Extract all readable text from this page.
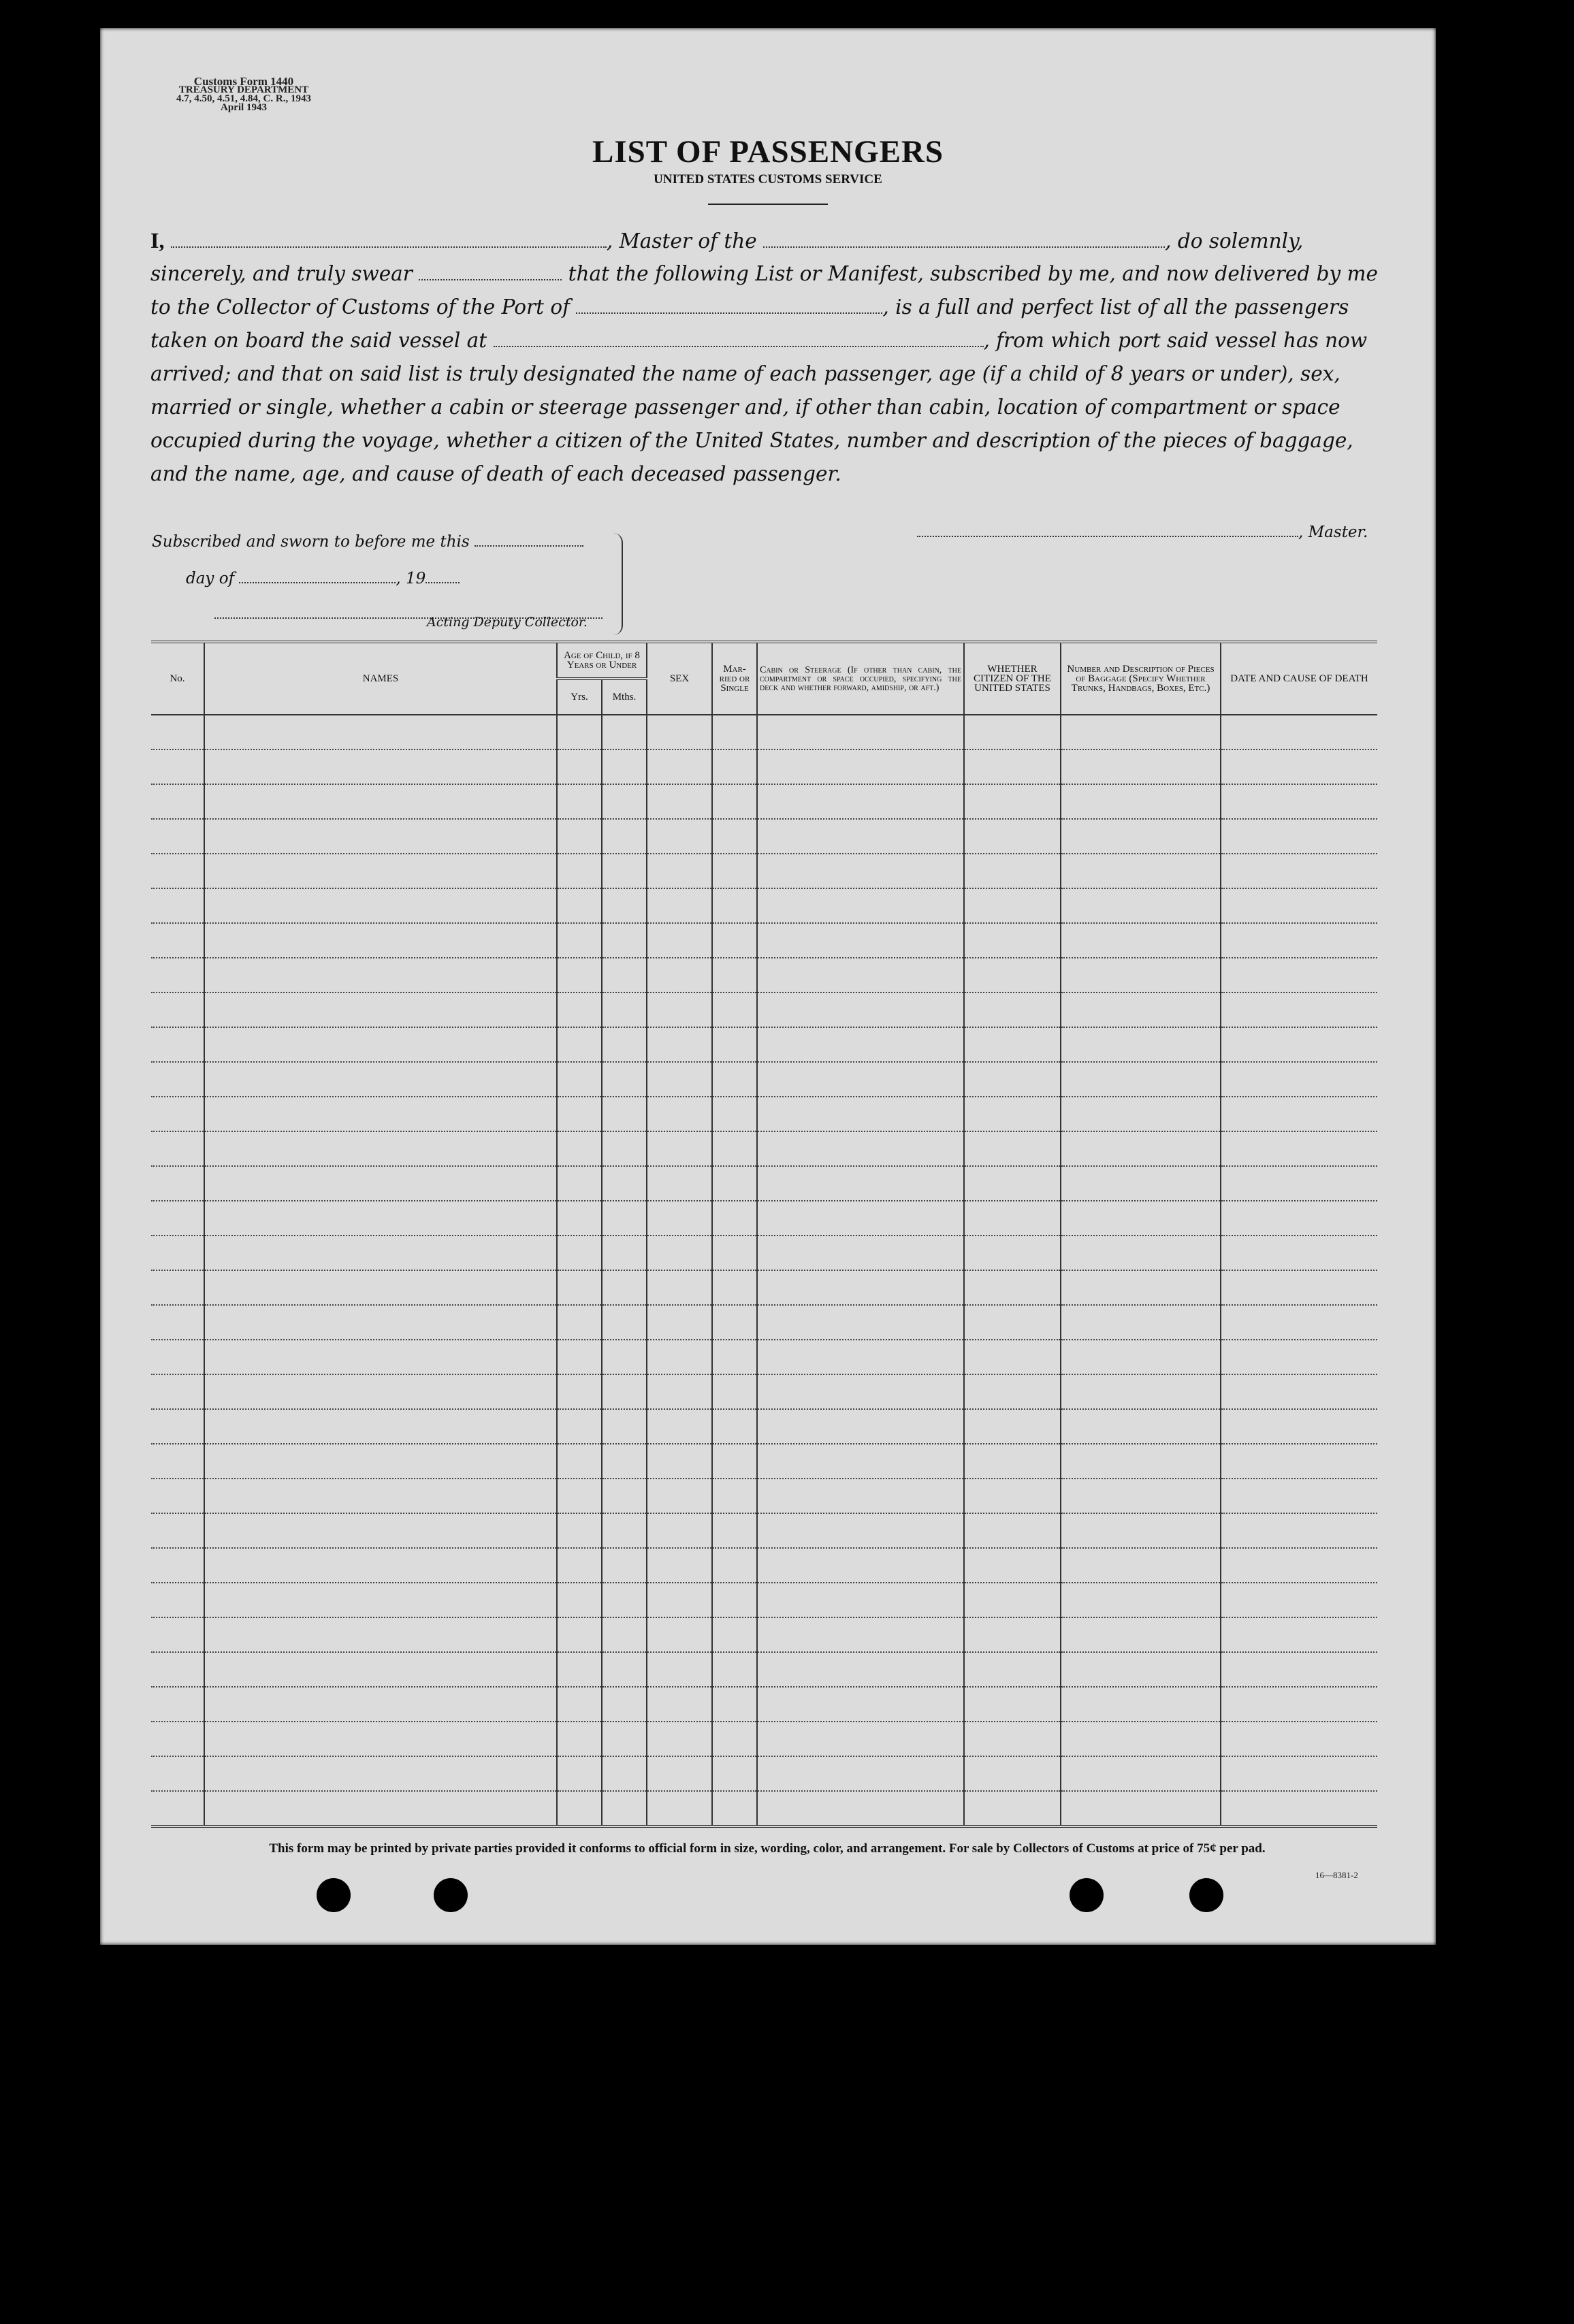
Customs Form 1440
TREASURY DEPARTMENT
4.7, 4.50, 4.51, 4.84, C. R., 1943
April 1943
LIST OF PASSENGERS
UNITED STATES CUSTOMS SERVICE
I,	, Master of the	, do solemnly,
sincerely, and truly swear	that the following List or Manifest, subscribed by me, and now delivered by me
to the Collector of Customs of the Port of	, is a full and perfect list of all the passengers
taken on board the said vessel at	, from which port said vessel has now
arrived; and that on said list is truly designated the name of each passenger, age (if a child of 8 years or under), sex,
married or single, whether a cabin or steerage passenger and, if other than cabin, location of compartment or space
occupied during the voyage, whether a citizen of the United States, number and description of the pieces of baggage,
and the name, age, and cause of death of each deceased passenger.
Subscribed and sworn to before me this
day of	, 19
Acting Deputy Collector.
, Master.
No.	NAMES	Age of Child, if 8 Years or Under		SEX	Mar-ried or Single	Cabin or Steerage (If other than cabin, the compartment or space occupied, specifying the deck and whether forward, amidship, or aft.)	WHETHER CITIZEN OF THE UNITED STATES	Number and Description of Pieces of Baggage (Specify Whether Trunks, Handbags, Boxes, Etc.)	DATE AND CAUSE OF DEATH
		Yrs.	Mths.						

This form may be printed by private parties provided it conforms to official form in size, wording, color, and arrangement. For sale by Collectors of Customs at price of 75¢ per pad.
16—8381-2
